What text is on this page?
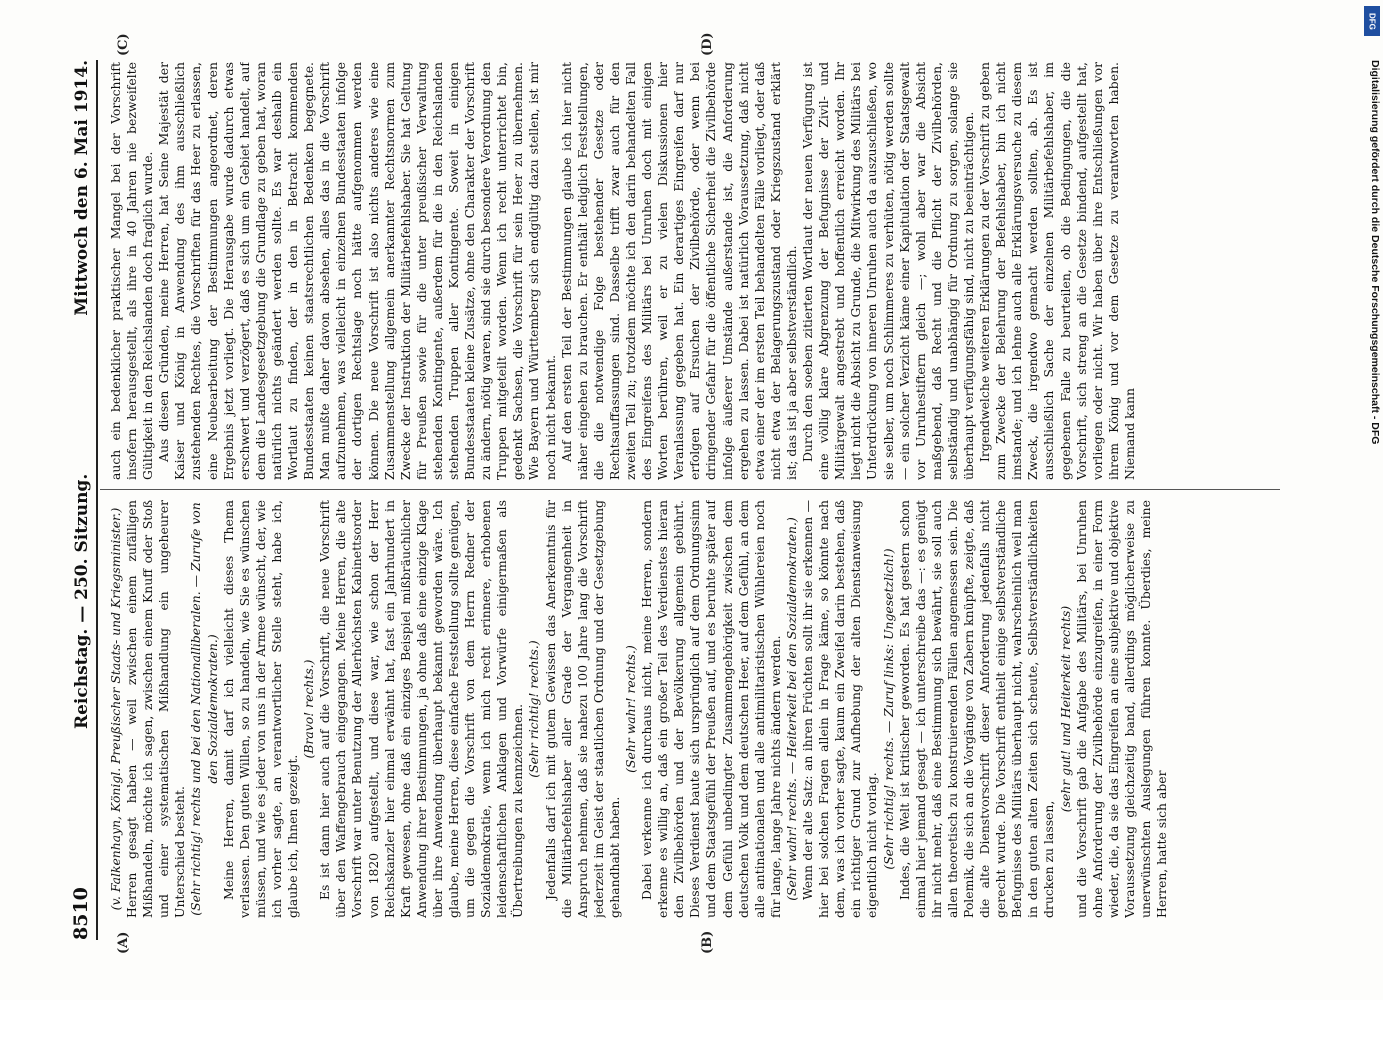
8510
Reichstag. — 250. Sitzung.
Mittwoch den 6. Mai 1914.
(A)	(B)
(C)	(D)

(v. Falkenhayn, Königl. Preußischer Staats- und Kriegsminister.) Herren gesagt haben — weil zwischen einem zufälligen Mißhandeln, möchte ich sagen, zwischen einem Knuff oder Stoß und einer systematischen Mißhandlung ein ungeheurer Unterschied besteht. (Sehr richtig! rechts und bei den Nationalliberalen. — Zurufe von den Sozialdemokraten.) Meine Herren, damit darf ich vielleicht dieses Thema verlassen. Den guten Willen, so zu handeln, wie Sie es wünschen müssen, und wie es jeder von uns in der Armee wünscht, der, wie ich vorher sagte, an verantwortlicher Stelle steht, habe ich, glaube ich, Ihnen gezeigt.

(Bravo! rechts.) Es ist dann hier auch auf die Vorschrift, die neue Vorschrift über den Waffengebrauch eingegangen. Meine Herren, die alte Vorschrift war unter Benutzung der Allerhöchsten Kabinettsorder von 1820 aufgestellt, und diese war, wie schon der Herr Reichskanzler hier einmal erwähnt hat, fast ein Jahrhundert in Kraft gewesen, ohne daß ein einziges Beispiel mißbräuchlicher Anwendung ihrer Bestimmungen, ja ohne daß eine einzige Klage über ihre Anwendung überhaupt bekannt geworden wäre. Ich glaube, meine Herren, diese einfache Feststellung sollte genügen, um die gegen die Vorschrift von dem Herrn Redner der Sozialdemokratie, wenn ich mich recht erinnere, erhobenen leidenschaftlichen Anklagen und Vorwürfe einigermaßen als Übertreibungen zu kennzeichnen. (Sehr richtig! rechts.) Jedenfalls darf ich mit gutem Gewissen das Anerkenntnis für die Militärbefehlshaber aller Grade der Vergangenheit in Anspruch nehmen, daß sie nahezu 100 Jahre lang die Vorschrift jederzeit im Geist der staatlichen Ordnung und der Gesetzgebung gehandhabt haben.

(Sehr wahr! rechts.) Dabei verkenne ich durchaus nicht, meine Herren, sondern erkenne es willig an, daß ein großer Teil des Verdienstes hieran den Zivilbehörden und der Bevölkerung allgemein gebührt. Dieses Verdienst baute sich ursprünglich auf dem Ordnungssinn und dem Staatsgefühl der Preußen auf, und es beruhte später auf dem Gefühl unbedingter Zusammengehörigkeit zwischen dem deutschen Volk und dem deutschen Heer, auf dem Gefühl, an dem alle antinationalen und alle antimilitaristischen Wühlereien noch für lange, lange Jahre nichts ändern werden. (Sehr wahr! rechts. — Heiterkeit bei den Sozialdemokraten.) Wenn der alte Satz: an ihren Früchten sollt ihr sie erkennen — hier bei solchen Fragen allein in Frage käme, so könnte nach dem, was ich vorher sagte, kaum ein Zweifel darin bestehen, daß ein richtiger Grund zur Aufhebung der alten Dienstanweisung eigentlich nicht vorlag. (Sehr richtig! rechts. — Zuruf links: Ungesetzlich!) Indes, die Welt ist kritischer geworden. Es hat gestern schon einmal hier jemand gesagt — ich unterschreibe das —: es genügt ihr nicht mehr, daß eine Bestimmung sich bewährt, sie soll auch allen theoretisch zu konstruierenden Fällen angemessen sein. Die Polemik, die sich an die Vorgänge von Zabern knüpfte, zeigte, daß die alte Dienstvorschrift dieser Anforderung jedenfalls nicht gerecht wurde. Die Vorschrift enthielt einige selbstverständliche Befugnisse des Militärs überhaupt nicht, wahrscheinlich weil man in den guten alten Zeiten sich scheute, Selbstverständlichkeiten drucken zu lassen,

(sehr gut! und Heiterkeit rechts) und die Vorschrift gab die Aufgabe des Militärs, bei Unruhen ohne Anforderung der Zivilbehörde einzugreifen, in einer Form wieder, die, da sie das Eingreifen an eine subjektive und objektive Voraussetzung gleichzeitig band, allerdings möglicherweise zu unerwünschten Auslegungen führen konnte. Überdies, meine Herren, hatte sich aber

auch ein bedenklicher praktischer Mangel bei der Vorschrift insofern herausgestellt, als ihre in 40 Jahren nie bezweifelte Gültigkeit in den Reichslanden doch fraglich wurde. Aus diesen Gründen, meine Herren, hat Seine Majestät der Kaiser und König in Anwendung des ihm ausschließlich zustehenden Rechtes, die Vorschriften für das Heer zu erlassen, eine Neubearbeitung der Bestimmungen angeordnet, deren Ergebnis jetzt vorliegt. Die Herausgabe wurde dadurch etwas erschwert und verzögert, daß es sich um ein Gebiet handelt, auf dem die Landesgesetzgebung die Grundlage zu geben hat, woran natürlich nichts geändert werden sollte. Es war deshalb ein Wortlaut zu finden, der in den in Betracht kommenden Bundesstaaten keinen staatsrechtlichen Bedenken begegnete. Man mußte daher davon absehen, alles das in die Vorschrift aufzunehmen, was vielleicht in einzelnen Bundesstaaten infolge der dortigen Rechtslage noch hätte aufgenommen werden können. Die neue Vorschrift ist also nichts anderes wie eine Zusammenstellung allgemein anerkannter Rechtsnormen zum Zwecke der Instruktion der Militärbefehlshaber. Sie hat Geltung für Preußen sowie für die unter preußischer Verwaltung stehenden Kontingente, außerdem für die in den Reichslanden stehenden Truppen aller Kontingente. Soweit in einigen Bundesstaaten kleine Zusätze, ohne den Charakter der Vorschrift zu ändern, nötig waren, sind sie durch besondere Verordnung den Truppen mitgeteilt worden. Wenn ich recht unterrichtet bin, gedenkt Sachsen, die Vorschrift für sein Heer zu übernehmen. Wie Bayern und Württemberg sich endgültig dazu stellen, ist mir noch nicht bekannt. Auf den ersten Teil der Bestimmungen glaube ich hier nicht näher eingehen zu brauchen. Er enthält lediglich Feststellungen, die die notwendige Folge bestehender Gesetze oder Rechtsauffassungen sind. Dasselbe trifft zwar auch für den zweiten Teil zu; trotzdem möchte ich den darin behandelten Fall des Eingreifens des Militärs bei Unruhen doch mit einigen Worten berühren, weil er zu vielen Diskussionen hier Veranlassung gegeben hat. Ein derartiges Eingreifen darf nur erfolgen auf Ersuchen der Zivilbehörde, oder wenn bei dringender Gefahr für die öffentliche Sicherheit die Zivilbehörde infolge äußerer Umstände außerstande ist, die Anforderung ergehen zu lassen. Dabei ist natürlich Voraussetzung, daß nicht etwa einer der im ersten Teil behandelten Fälle vorliegt, oder daß nicht etwa der Belagerungszustand oder Kriegszustand erklärt ist; das ist ja aber selbstverständlich. Durch den soeben zitierten Wortlaut der neuen Verfügung ist eine völlig klare Abgrenzung der Befugnisse der Zivil- und Militärgewalt angestrebt und hoffentlich erreicht worden. Ihr liegt nicht die Absicht zu Grunde, die Mitwirkung des Militärs bei Unterdrückung von inneren Unruhen auch da auszuschließen, wo sie selber, um noch Schlimmeres zu verhüten, nötig werden sollte — ein solcher Verzicht käme einer Kapitulation der Staatsgewalt vor Unruhestiftern gleich —; wohl aber war die Absicht maßgebend, daß Recht und die Pflicht der Zivilbehörden, selbständig und unabhängig für Ordnung zu sorgen, solange sie überhaupt verfügungsfähig sind, nicht zu beeinträchtigen. Irgendwelche weiteren Erklärungen zu der Vorschrift zu geben zum Zwecke der Belehrung der Befehlshaber, bin ich nicht imstande; und ich lehne auch alle Erklärungsversuche zu diesem Zweck, die irgendwo gemacht werden sollten, ab. Es ist ausschließlich Sache der einzelnen Militärbefehlshaber, im gegebenen Falle zu beurteilen, ob die Bedingungen, die die Vorschrift, sich streng an die Gesetze bindend, aufgestellt hat, vorliegen oder nicht. Wir haben über ihre Entschließungen vor ihrem König und vor dem Gesetze zu verantworten haben. Niemand kann

DFG
Digitalisierung gefördert durch die Deutsche Forschungsgemeinschaft - DFG
